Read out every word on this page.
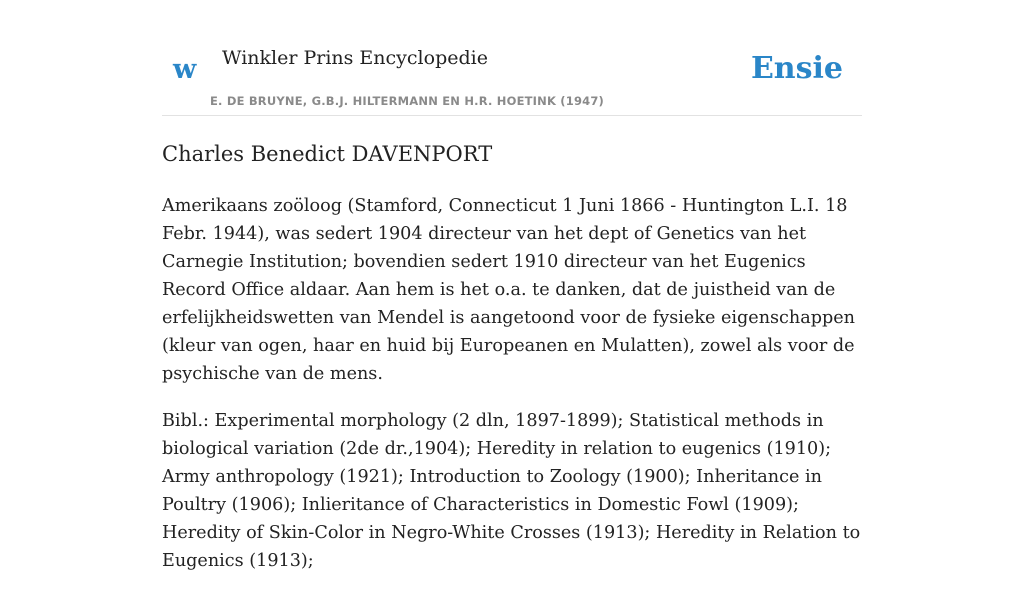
w Winkler Prins Encyclopedie
E. DE BRUYNE, G.B.J. HILTERMANN EN H.R. HOETINK (1947)
Ensie
Charles Benedict DAVENPORT

Amerikaans zoöloog (Stamford, Connecticut 1 Juni 1866 - Huntington L.I. 18 Febr. 1944), was sedert 1904 directeur van het dept of Genetics van het Carnegie Institution; bovendien sedert 1910 directeur van het Eugenics Record Office aldaar. Aan hem is het o.a. te danken, dat de juistheid van de erfelijkheidswetten van Mendel is aangetoond voor de fysieke eigenschappen (kleur van ogen, haar en huid bij Europeanen en Mulatten), zowel als voor de psychische van de mens.

Bibl.: Experimental morphology (2 dln, 1897-1899); Statistical methods in biological variation (2de dr.,1904); Heredity in relation to eugenics (1910); Army anthropology (1921); Introduction to Zoology (1900); Inheritance in Poultry (1906); Inlieritance of Characteristics in Domestic Fowl (1909); Heredity of Skin-Color in Negro-White Crosses (1913); Heredity in Relation to Eugenics (1913);
